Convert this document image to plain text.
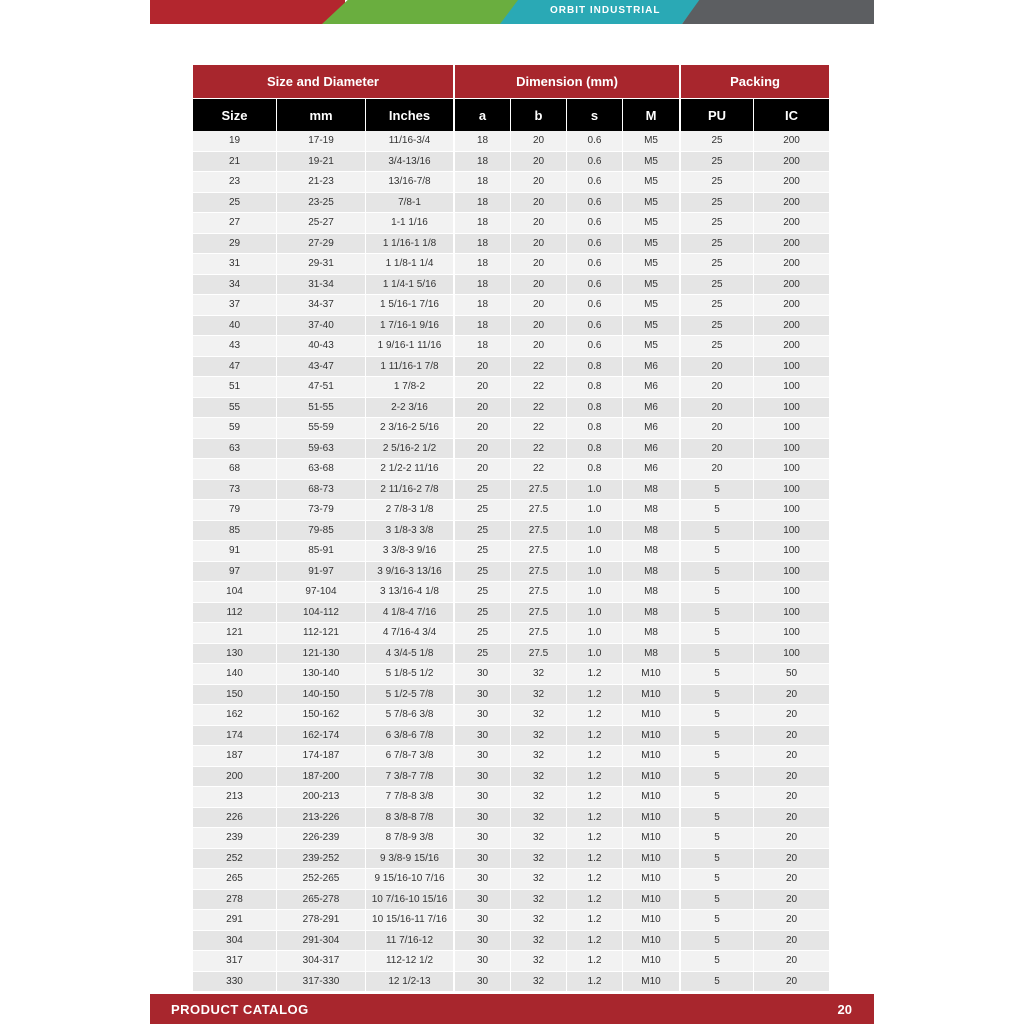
ORBIT INDUSTRIAL
Size and Diameter			Dimension (mm)				Packing	
Size	mm	Inches	a	b	s	M	PU	IC
19	17-19	11/16-3/4	18	20	0.6	M5	25	200
21	19-21	3/4-13/16	18	20	0.6	M5	25	200
23	21-23	13/16-7/8	18	20	0.6	M5	25	200
25	23-25	7/8-1	18	20	0.6	M5	25	200
27	25-27	1-1 1/16	18	20	0.6	M5	25	200
29	27-29	1 1/16-1 1/8	18	20	0.6	M5	25	200
31	29-31	1 1/8-1 1/4	18	20	0.6	M5	25	200
34	31-34	1 1/4-1 5/16	18	20	0.6	M5	25	200
37	34-37	1 5/16-1 7/16	18	20	0.6	M5	25	200
40	37-40	1 7/16-1 9/16	18	20	0.6	M5	25	200
43	40-43	1 9/16-1 11/16	18	20	0.6	M5	25	200
47	43-47	1 11/16-1 7/8	20	22	0.8	M6	20	100
51	47-51	1 7/8-2	20	22	0.8	M6	20	100
55	51-55	2-2 3/16	20	22	0.8	M6	20	100
59	55-59	2 3/16-2 5/16	20	22	0.8	M6	20	100
63	59-63	2 5/16-2 1/2	20	22	0.8	M6	20	100
68	63-68	2 1/2-2 11/16	20	22	0.8	M6	20	100
73	68-73	2 11/16-2 7/8	25	27.5	1.0	M8	5	100
79	73-79	2 7/8-3 1/8	25	27.5	1.0	M8	5	100
85	79-85	3 1/8-3 3/8	25	27.5	1.0	M8	5	100
91	85-91	3 3/8-3 9/16	25	27.5	1.0	M8	5	100
97	91-97	3 9/16-3 13/16	25	27.5	1.0	M8	5	100
104	97-104	3 13/16-4 1/8	25	27.5	1.0	M8	5	100
112	104-112	4 1/8-4 7/16	25	27.5	1.0	M8	5	100
121	112-121	4 7/16-4 3/4	25	27.5	1.0	M8	5	100
130	121-130	4 3/4-5 1/8	25	27.5	1.0	M8	5	100
140	130-140	5 1/8-5 1/2	30	32	1.2	M10	5	50
150	140-150	5 1/2-5 7/8	30	32	1.2	M10	5	20
162	150-162	5 7/8-6 3/8	30	32	1.2	M10	5	20
174	162-174	6 3/8-6 7/8	30	32	1.2	M10	5	20
187	174-187	6 7/8-7 3/8	30	32	1.2	M10	5	20
200	187-200	7 3/8-7 7/8	30	32	1.2	M10	5	20
213	200-213	7 7/8-8 3/8	30	32	1.2	M10	5	20
226	213-226	8 3/8-8 7/8	30	32	1.2	M10	5	20
239	226-239	8 7/8-9 3/8	30	32	1.2	M10	5	20
252	239-252	9 3/8-9 15/16	30	32	1.2	M10	5	20
265	252-265	9 15/16-10 7/16	30	32	1.2	M10	5	20
278	265-278	10 7/16-10 15/16	30	32	1.2	M10	5	20
291	278-291	10 15/16-11 7/16	30	32	1.2	M10	5	20
304	291-304	11 7/16-12	30	32	1.2	M10	5	20
317	304-317	112-12 1/2	30	32	1.2	M10	5	20
330	317-330	12 1/2-13	30	32	1.2	M10	5	20
PRODUCT CATALOG	20
